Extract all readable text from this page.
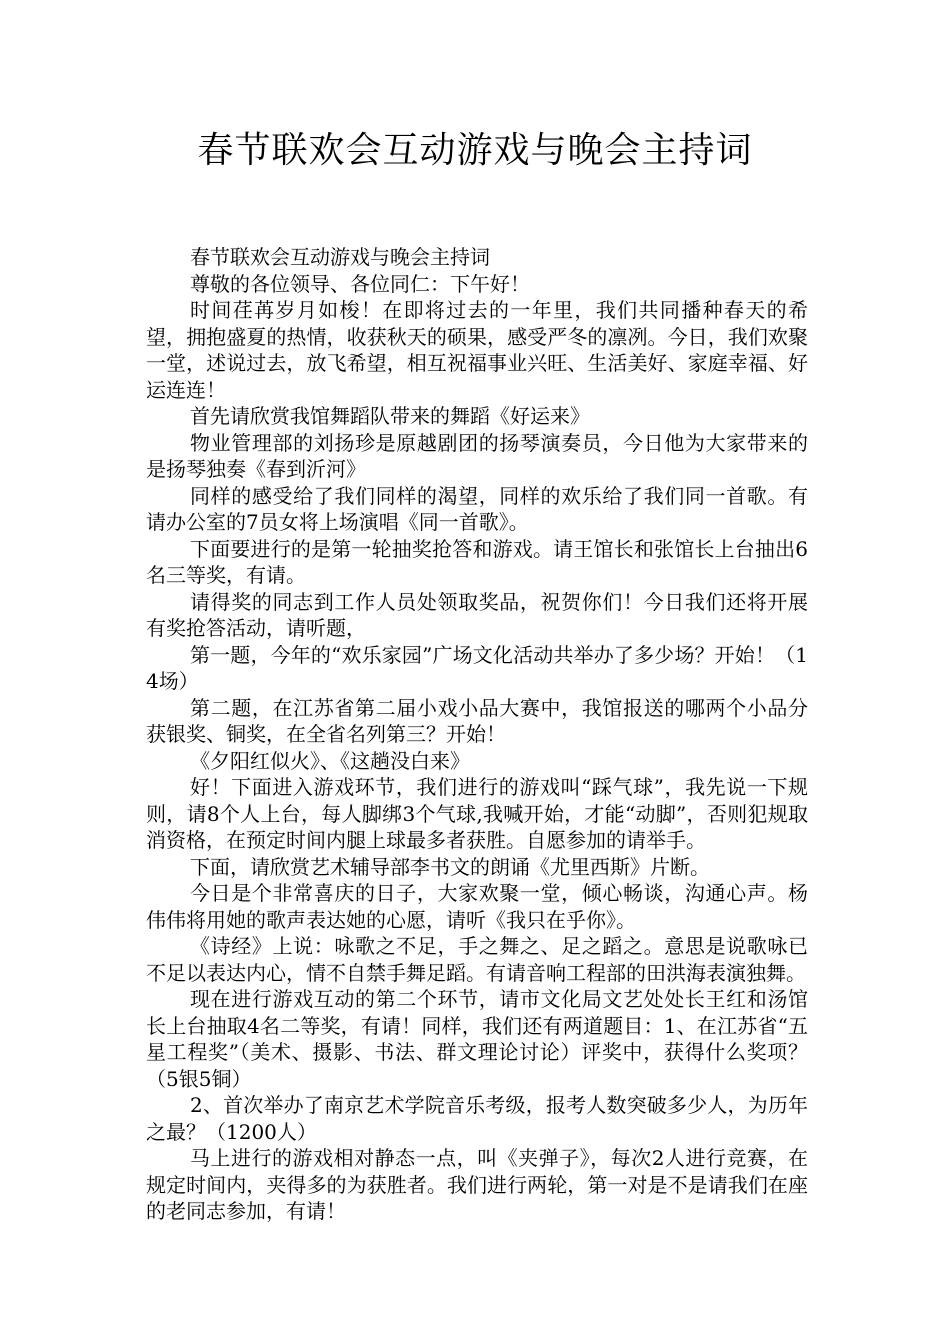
春节联欢会互动游戏与晚会主持词

春节联欢会互动游戏与晚会主持词

尊敬的各位领导、各位同仁：下午好！

时间荏苒岁月如梭！在即将过去的一年里，我们共同播种春天的希望，拥抱盛夏的热情，收获秋天的硕果，感受严冬的凛冽。今日，我们欢聚一堂，述说过去，放飞希望，相互祝福事业兴旺、生活美好、家庭幸福、好运连连！

首先请欣赏我馆舞蹈队带来的舞蹈《好运来》

物业管理部的刘扬珍是原越剧团的扬琴演奏员，今日他为大家带来的是扬琴独奏《春到沂河》

同样的感受给了我们同样的渴望，同样的欢乐给了我们同一首歌。有请办公室的7员女将上场演唱《同一首歌》。

下面要进行的是第一轮抽奖抢答和游戏。请王馆长和张馆长上台抽出6名三等奖，有请。

请得奖的同志到工作人员处领取奖品，祝贺你们！今日我们还将开展有奖抢答活动，请听题，

第一题，今年的“欢乐家园”广场文化活动共举办了多少场？开始！（14场）

第二题，在江苏省第二届小戏小品大赛中，我馆报送的哪两个小品分获银奖、铜奖，在全省名列第三？开始！

《夕阳红似火》、《这趟没白来》

好！下面进入游戏环节，我们进行的游戏叫“踩气球”，我先说一下规则，请8个人上台，每人脚绑3个气球,我喊开始，才能“动脚”，否则犯规取消资格，在预定时间内腿上球最多者获胜。自愿参加的请举手。

下面，请欣赏艺术辅导部李书文的朗诵《尤里西斯》片断。

今日是个非常喜庆的日子，大家欢聚一堂，倾心畅谈，沟通心声。杨伟伟将用她的歌声表达她的心愿，请听《我只在乎你》。

《诗经》上说：咏歌之不足，手之舞之、足之蹈之。意思是说歌咏已不足以表达内心，情不自禁手舞足蹈。有请音响工程部的田洪海表演独舞。

现在进行游戏互动的第二个环节，请市文化局文艺处处长王红和汤馆长上台抽取4名二等奖，有请！同样，我们还有两道题目：1、在江苏省“五星工程奖”（美术、摄影、书法、群文理论讨论）评奖中，获得什么奖项？（5银5铜）

2、首次举办了南京艺术学院音乐考级，报考人数突破多少人，为历年之最？（1200人）

马上进行的游戏相对静态一点，叫《夹弹子》，每次2人进行竞赛，在规定时间内，夹得多的为获胜者。我们进行两轮，第一对是不是请我们在座的老同志参加，有请！
